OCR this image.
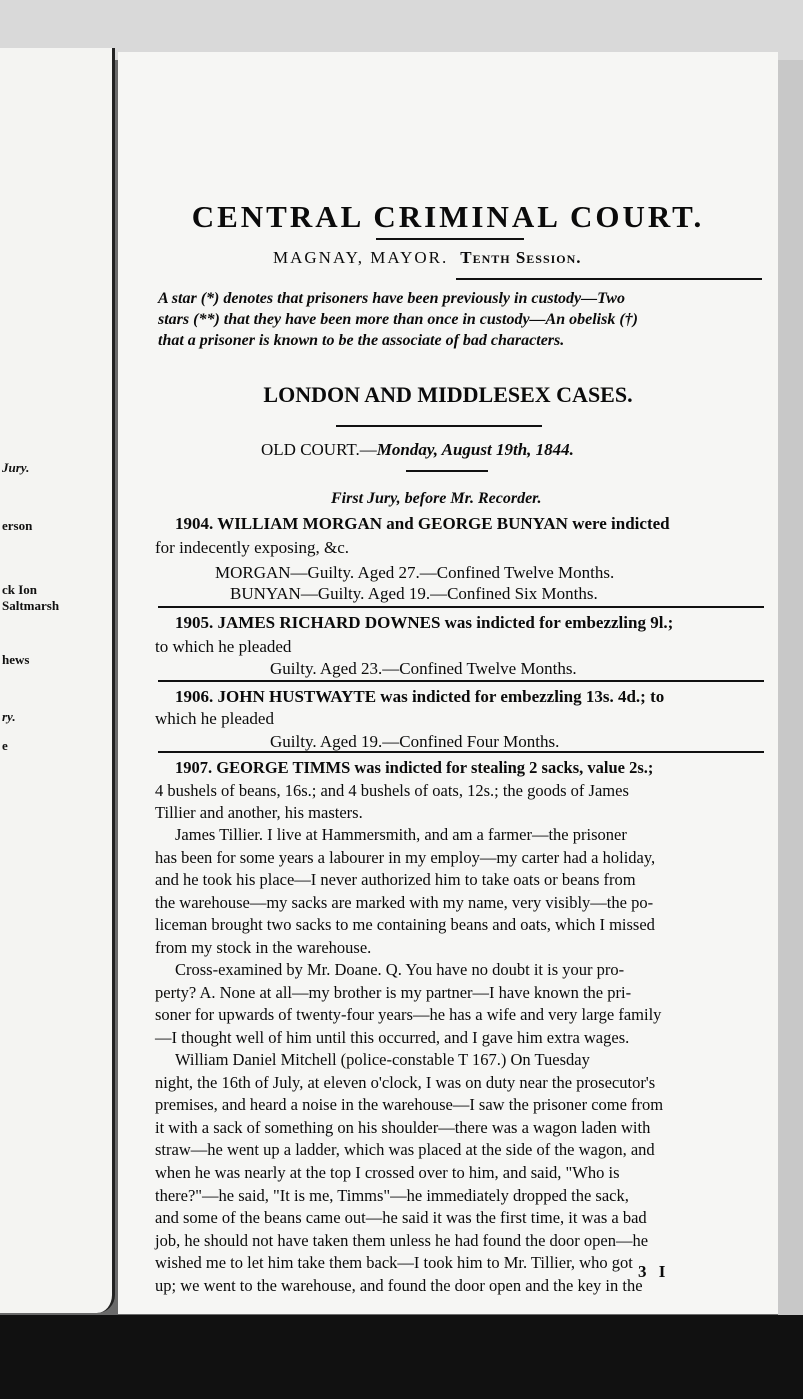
Jury.
erson
ck Ion
Saltmarsh
hews
ry.
e
CENTRAL CRIMINAL COURT.
MAGNAY, MAYOR. Tenth Session.
A star (*) denotes that prisoners have been previously in custody—Two
stars (**) that they have been more than once in custody—An obelisk (†)
that a prisoner is known to be the associate of bad characters.
LONDON AND MIDDLESEX CASES.
OLD COURT.—Monday, August 19th, 1844.
First Jury, before Mr. Recorder.
1904. WILLIAM MORGAN and GEORGE BUNYAN were indicted
for indecently exposing, &c.
MORGAN—Guilty. Aged 27.—Confined Twelve Months.
BUNYAN—Guilty. Aged 19.—Confined Six Months.
1905. JAMES RICHARD DOWNES was indicted for embezzling 9l.;
to which he pleaded
Guilty. Aged 23.—Confined Twelve Months.
1906. JOHN HUSTWAYTE was indicted for embezzling 13s. 4d.; to
which he pleaded
Guilty. Aged 19.—Confined Four Months.
1907. GEORGE TIMMS was indicted for stealing 2 sacks, value 2s.;
4 bushels of beans, 16s.; and 4 bushels of oats, 12s.; the goods of James
Tillier and another, his masters.
James Tillier. I live at Hammersmith, and am a farmer—the prisoner
has been for some years a labourer in my employ—my carter had a holiday,
and he took his place—I never authorized him to take oats or beans from
the warehouse—my sacks are marked with my name, very visibly—the po-
liceman brought two sacks to me containing beans and oats, which I missed
from my stock in the warehouse.
Cross-examined by Mr. Doane. Q. You have no doubt it is your pro-
perty? A. None at all—my brother is my partner—I have known the pri-
soner for upwards of twenty-four years—he has a wife and very large family
—I thought well of him until this occurred, and I gave him extra wages.
William Daniel Mitchell (police-constable T 167.) On Tuesday
night, the 16th of July, at eleven o'clock, I was on duty near the prosecutor's
premises, and heard a noise in the warehouse—I saw the prisoner come from
it with a sack of something on his shoulder—there was a wagon laden with
straw—he went up a ladder, which was placed at the side of the wagon, and
when he was nearly at the top I crossed over to him, and said, "Who is
there?"—he said, "It is me, Timms"—he immediately dropped the sack,
and some of the beans came out—he said it was the first time, it was a bad
job, he should not have taken them unless he had found the door open—he
wished me to let him take them back—I took him to Mr. Tillier, who got
up; we went to the warehouse, and found the door open and the key in the
3 I
